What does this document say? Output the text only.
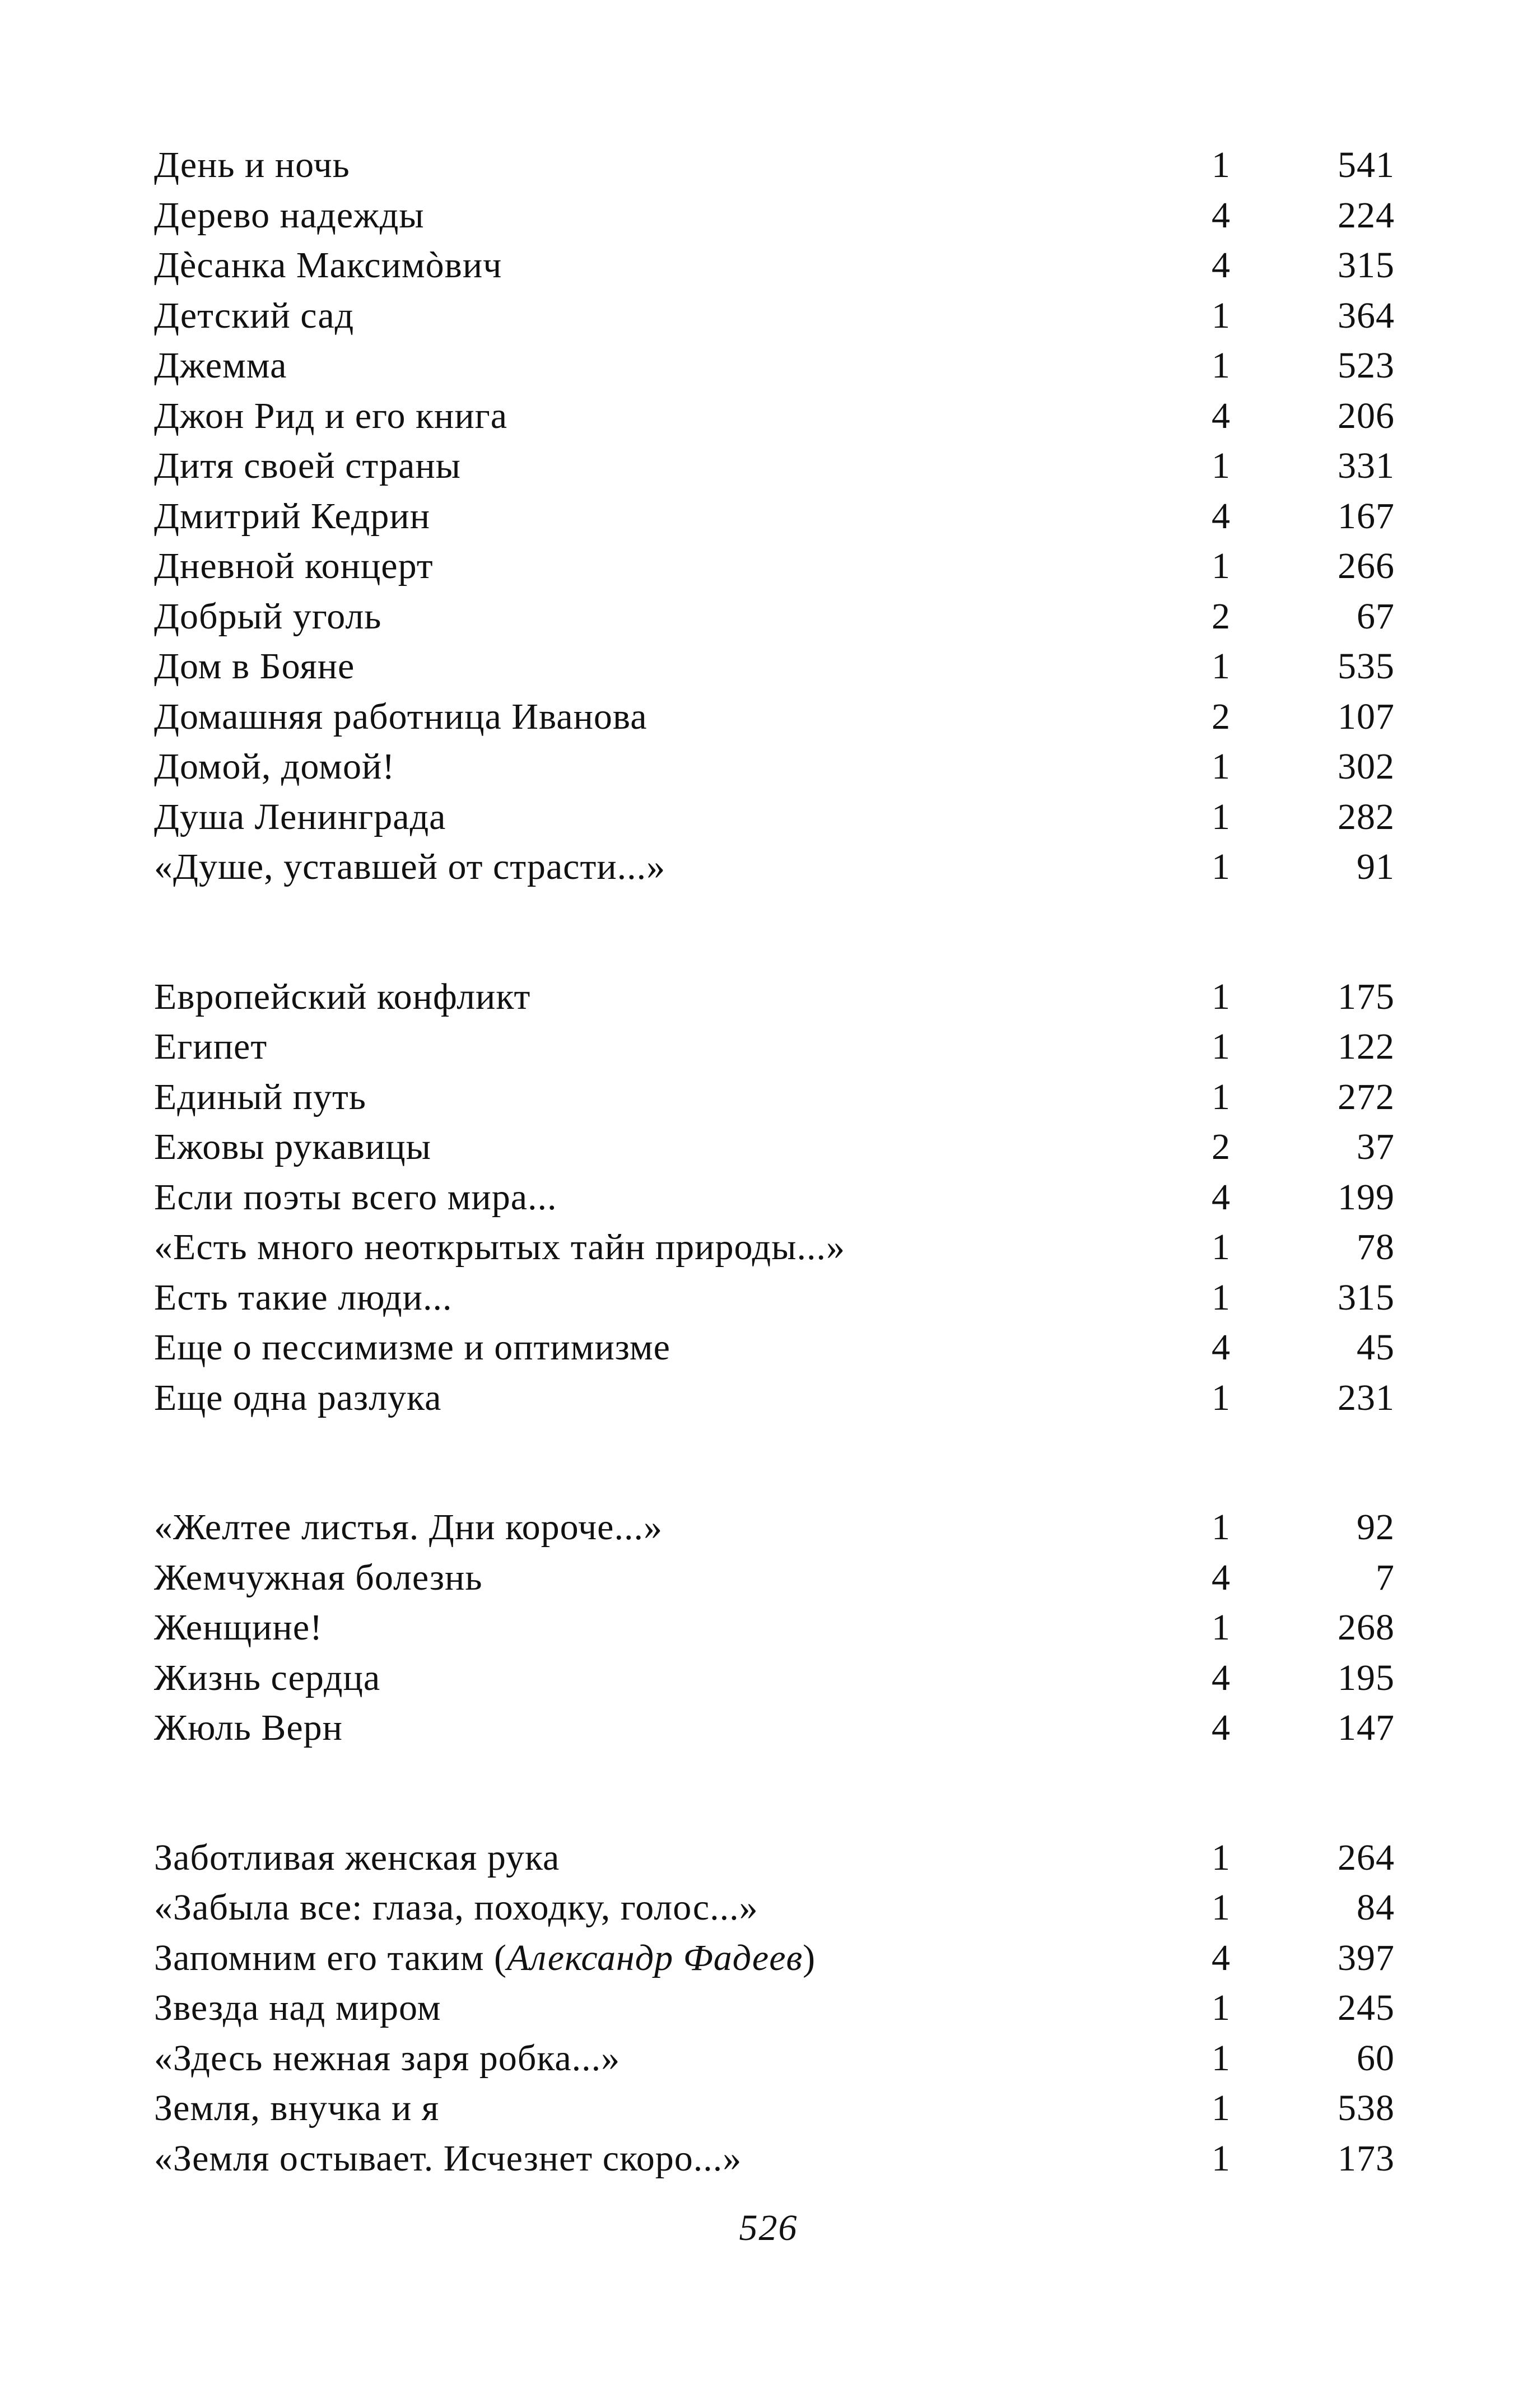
День и ночь	1	541
Дерево надежды	4	224
Дѐсанка Максимòвич	4	315
Детский сад	1	364
Джемма	1	523
Джон Рид и его книга	4	206
Дитя своей страны	1	331
Дмитрий Кедрин	4	167
Дневной концерт	1	266
Добрый уголь	2	67
Дом в Бояне	1	535
Домашняя работница Иванова	2	107
Домой, домой!	1	302
Душа Ленинграда	1	282
«Душе, уставшей от страсти...»	1	91
Европейский конфликт	1	175
Египет	1	122
Единый путь	1	272
Ежовы рукавицы	2	37
Если поэты всего мира...	4	199
«Есть много неоткрытых тайн природы...»	1	78
Есть такие люди...	1	315
Еще о пессимизме и оптимизме	4	45
Еще одна разлука	1	231
«Желтее листья. Дни короче...»	1	92
Жемчужная болезнь	4	7
Женщине!	1	268
Жизнь сердца	4	195
Жюль Верн	4	147
Заботливая женская рука	1	264
«Забыла все: глаза, походку, голос...»	1	84
Запомним его таким (Александр Фадеев)	4	397
Звезда над миром	1	245
«Здесь нежная заря робка...»	1	60
Земля, внучка и я	1	538
«Земля остывает. Исчезнет скоро...»	1	173
526
